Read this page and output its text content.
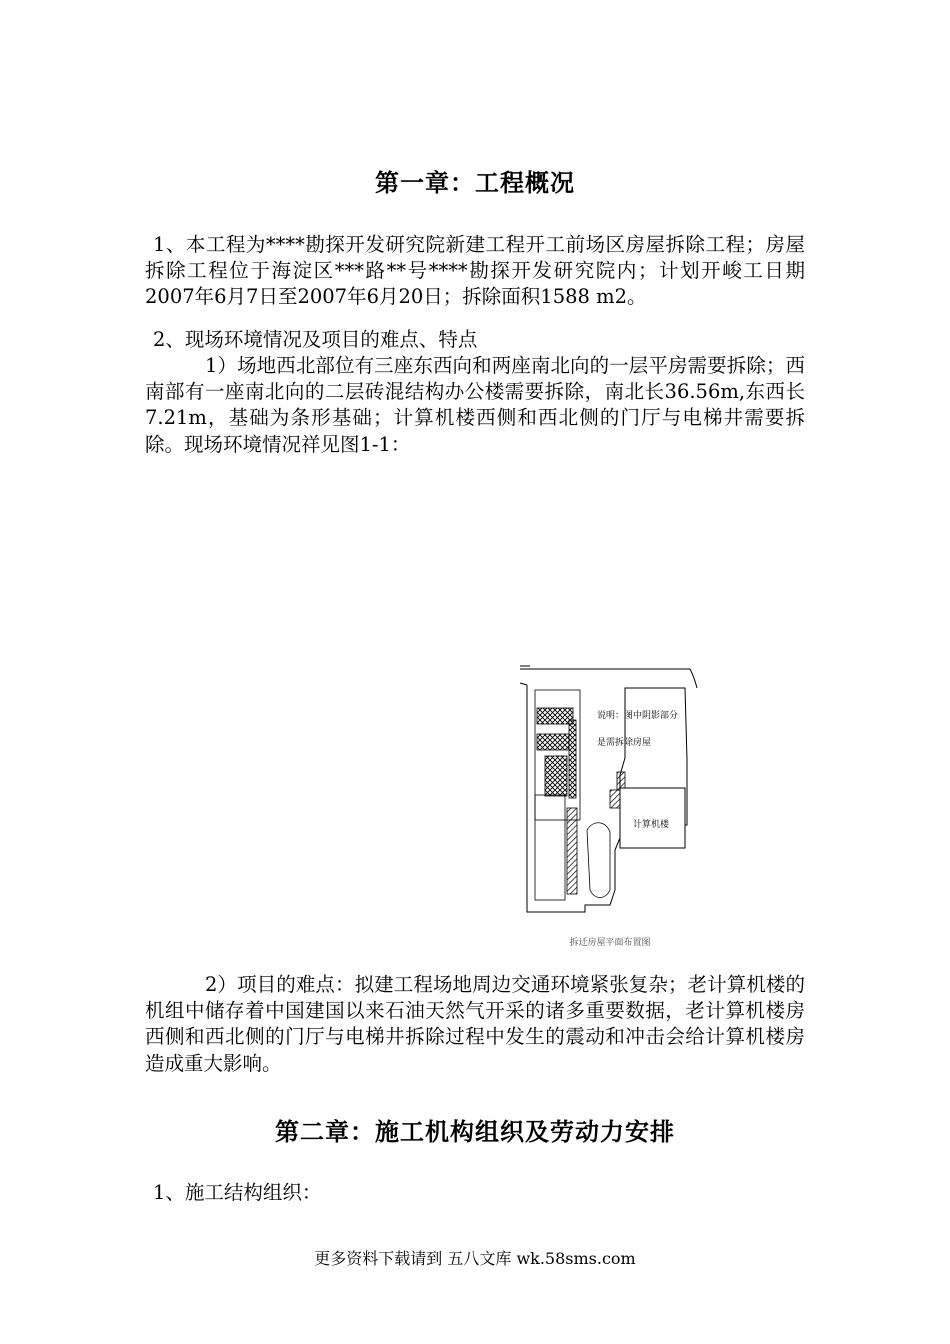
第一章：工程概况

1、本工程为****勘探开发研究院新建工程开工前场区房屋拆除工程；房屋拆除工程位于海淀区***路**号****勘探开发研究院内；计划开峻工日期2007年6月7日至2007年6月20日；拆除面积1588 m2。

2、现场环境情况及项目的难点、特点

1）场地西北部位有三座东西向和两座南北向的一层平房需要拆除；西南部有一座南北向的二层砖混结构办公楼需要拆除，南北长36.56m,东西长7.21m，基础为条形基础；计算机楼西侧和西北侧的门厅与电梯井需要拆除。现场环境情况祥见图1-1：

说明：图中阴影部分
是需拆除房屋
计算机楼
拆迁房屋平面布置图

2）项目的难点：拟建工程场地周边交通环境紧张复杂；老计算机楼的机组中储存着中国建国以来石油天然气开采的诸多重要数据，老计算机楼房西侧和西北侧的门厅与电梯井拆除过程中发生的震动和冲击会给计算机楼房造成重大影响。

第二章：施工机构组织及劳动力安排

1、施工结构组织：

更多资料下载请到 五八文库 wk.58sms.com
